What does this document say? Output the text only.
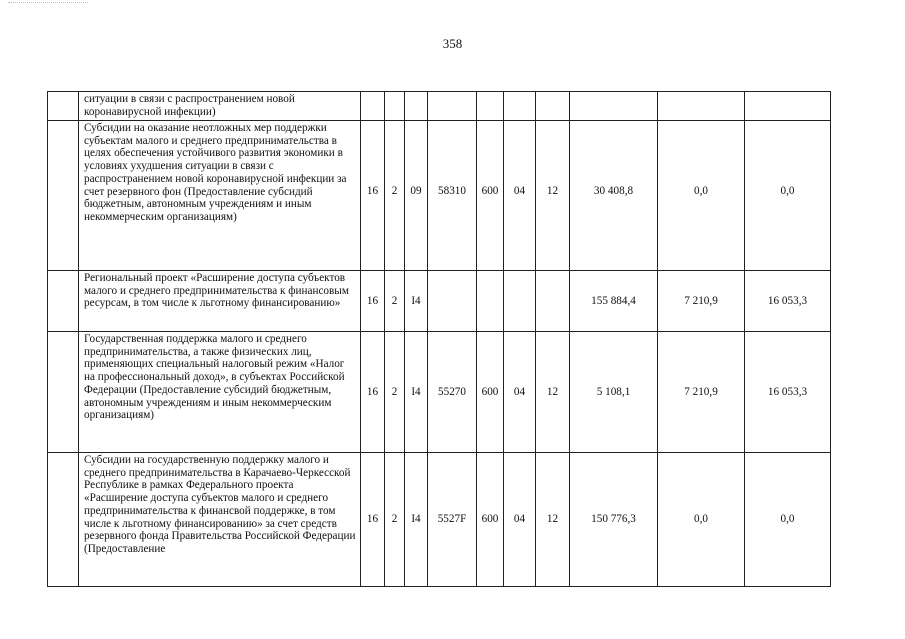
358
	ситуации в связи с распространением новой коронавирусной инфекции)										
	Субсидии на оказание неотложных мер поддержки субъектам малого и среднего предпринимательства в целях обеспечения устойчивого развития экономики в условиях ухудшения ситуации в связи с распространением новой коронавирусной инфекции за счет резервного фон (Предоставление субсидий бюджетным, автономным учреждениям и иным некоммерческим организациям)	16	2	09	58310	600	04	12	30 408,8	0,0	0,0
	Региональный проект «Расширение доступа субъектов малого и среднего предпринимательства к финансовым ресурсам, в том числе к льготному финансированию»	16	2	I4					155 884,4	7 210,9	16 053,3
	Государственная поддержка малого и среднего предпринимательства, а также физических лиц, применяющих специальный налоговый режим «Налог на профессиональный доход», в субъектах Российской Федерации (Предоставление субсидий бюджетным, автономным учреждениям и иным некоммерческим организациям)	16	2	I4	55270	600	04	12	5 108,1	7 210,9	16 053,3
	Субсидии на государственную поддержку малого и среднего предпринимательства в Карачаево-Черкесской Республике в рамках Федерального проекта «Расширение доступа субъектов малого и среднего предпринимательства к финансвой поддержке, в том числе к льготному финансированию» за счет средств резервного фонда Правительства Российской Федерации (Предоставление	16	2	I4	5527F	600	04	12	150 776,3	0,0	0,0
